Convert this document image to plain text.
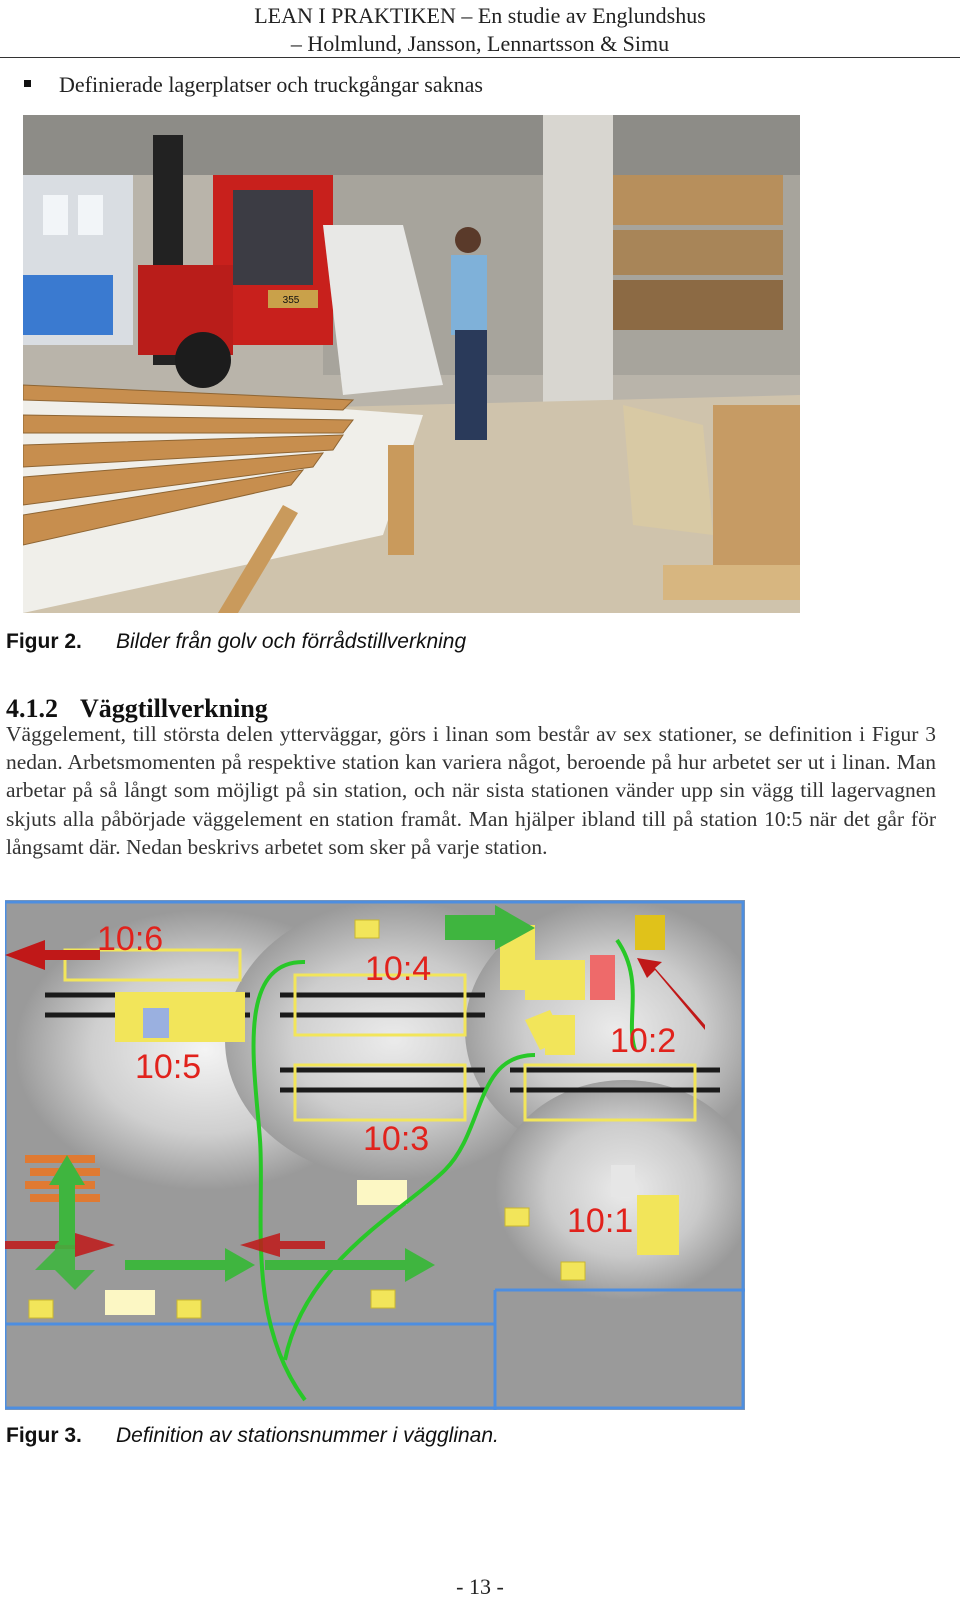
LEAN I PRAKTIKEN – En studie av Englundshus
– Holmlund, Jansson, Lennartsson & Simu
Definierade lagerplatser och truckgångar saknas
355
Figur 2. Bilder från golv och förrådstillverkning
4.1.2 Väggtillverkning
Väggelement, till största delen ytterväggar, görs i linan som består av sex stationer, se definition i Figur 3 nedan. Arbetsmomenten på respektive station kan variera något, beroende på hur arbetet ser ut i linan. Man arbetar på så långt som möjligt på sin station, och när sista stationen vänder upp sin vägg till lagervagnen skjuts alla påbörjade väggelement en station framåt. Man hjälper ibland till på station 10:5 när det går för långsamt där. Nedan beskrivs arbetet som sker på varje station.
10:6
10:4
10:5
10:2
10:3
10:1
Figur 3. Definition av stationsnummer i vägglinan.
- 13 -
